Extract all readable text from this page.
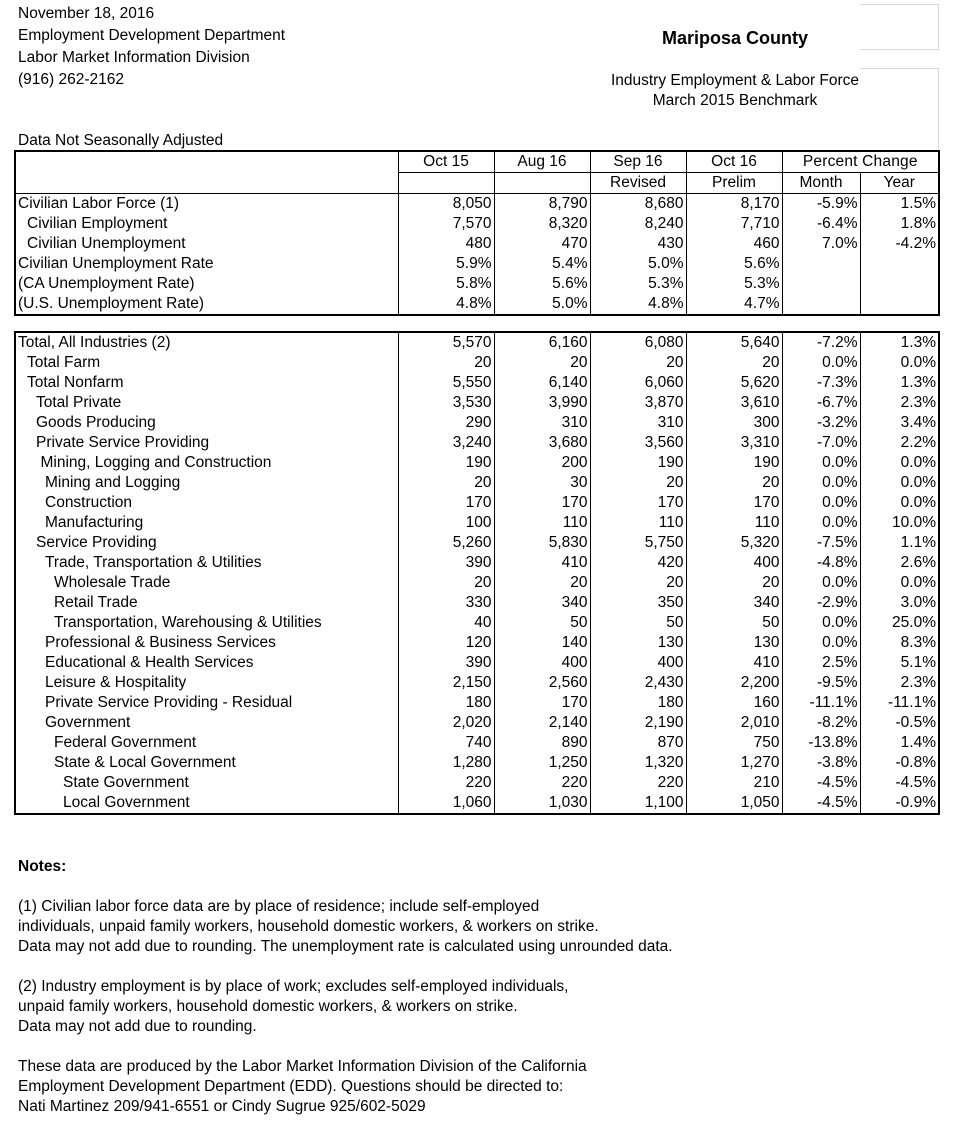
November 18, 2016
Employment Development Department
Labor Market Information Division
(916) 262-2162
Mariposa County
Industry Employment & Labor Force
March 2015 Benchmark
Data Not Seasonally Adjusted
	Oct 15	Aug 16	Sep 16	Oct 16	Percent Change	
			Revised	Prelim	Month	Year
Civilian Labor Force (1)	8,050	8,790	8,680	8,170	-5.9%	1.5%
Civilian Employment	7,570	8,320	8,240	7,710	-6.4%	1.8%
Civilian Unemployment	480	470	430	460	7.0%	-4.2%
Civilian Unemployment Rate	5.9%	5.4%	5.0%	5.6%		
(CA Unemployment Rate)	5.8%	5.6%	5.3%	5.3%		
(U.S. Unemployment Rate)	4.8%	5.0%	4.8%	4.7%		
Total, All Industries (2)	5,570	6,160	6,080	5,640	-7.2%	1.3%
Total Farm	20	20	20	20	0.0%	0.0%
Total Nonfarm	5,550	6,140	6,060	5,620	-7.3%	1.3%
Total Private	3,530	3,990	3,870	3,610	-6.7%	2.3%
Goods Producing	290	310	310	300	-3.2%	3.4%
Private Service Providing	3,240	3,680	3,560	3,310	-7.0%	2.2%
Mining, Logging and Construction	190	200	190	190	0.0%	0.0%
Mining and Logging	20	30	20	20	0.0%	0.0%
Construction	170	170	170	170	0.0%	0.0%
Manufacturing	100	110	110	110	0.0%	10.0%
Service Providing	5,260	5,830	5,750	5,320	-7.5%	1.1%
Trade, Transportation & Utilities	390	410	420	400	-4.8%	2.6%
Wholesale Trade	20	20	20	20	0.0%	0.0%
Retail Trade	330	340	350	340	-2.9%	3.0%
Transportation, Warehousing & Utilities	40	50	50	50	0.0%	25.0%
Professional & Business Services	120	140	130	130	0.0%	8.3%
Educational & Health Services	390	400	400	410	2.5%	5.1%
Leisure & Hospitality	2,150	2,560	2,430	2,200	-9.5%	2.3%
Private Service Providing - Residual	180	170	180	160	-11.1%	-11.1%
Government	2,020	2,140	2,190	2,010	-8.2%	-0.5%
Federal Government	740	890	870	750	-13.8%	1.4%
State & Local Government	1,280	1,250	1,320	1,270	-3.8%	-0.8%
State Government	220	220	220	210	-4.5%	-4.5%
Local Government	1,060	1,030	1,100	1,050	-4.5%	-0.9%

Notes:

(1) Civilian labor force data are by place of residence; include self-employed

individuals, unpaid family workers, household domestic workers, & workers on strike.

Data may not add due to rounding. The unemployment rate is calculated using unrounded data.

(2) Industry employment is by place of work; excludes self-employed individuals,

unpaid family workers, household domestic workers, & workers on strike.

Data may not add due to rounding.

These data are produced by the Labor Market Information Division of the California

Employment Development Department (EDD). Questions should be directed to:

Nati Martinez 209/941-6551 or Cindy Sugrue 925/602-5029
